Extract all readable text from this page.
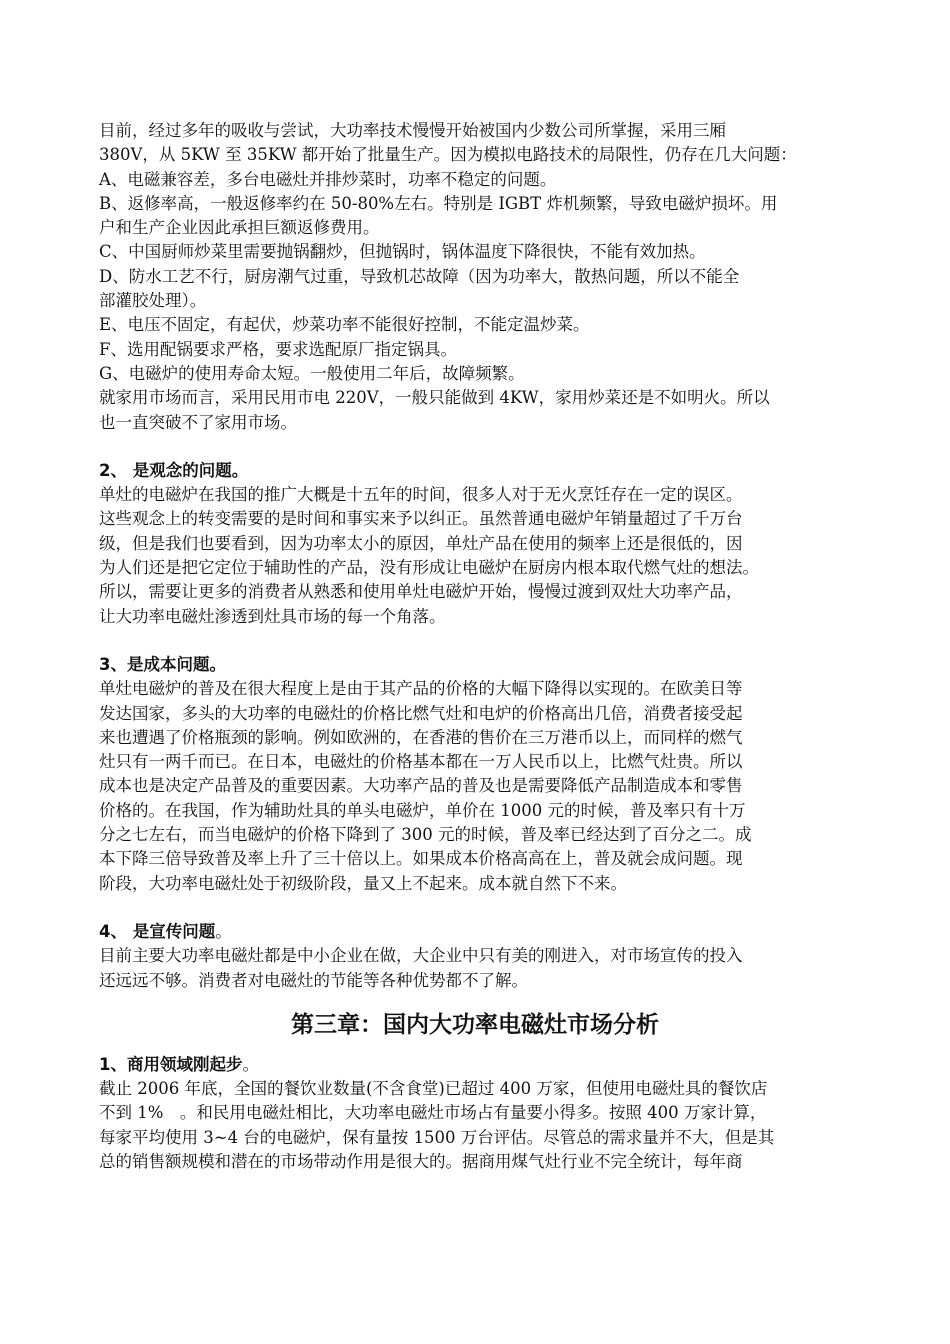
目前，经过多年的吸收与尝试，大功率技术慢慢开始被国内少数公司所掌握，采用三厢

380V，从 5KW 至 35KW 都开始了批量生产。因为模拟电路技术的局限性，仍存在几大问题：

A、电磁兼容差，多台电磁灶并排炒菜时，功率不稳定的问题。

B、返修率高，一般返修率约在 50-80%左右。特别是 IGBT 炸机频繁，导致电磁炉损坏。用

户和生产企业因此承担巨额返修费用。

C、中国厨师炒菜里需要抛锅翻炒，但抛锅时，锅体温度下降很快，不能有效加热。

D、防水工艺不行，厨房潮气过重，导致机芯故障（因为功率大，散热问题，所以不能全

部灌胶处理）。

E、电压不固定，有起伏，炒菜功率不能很好控制，不能定温炒菜。

F、选用配锅要求严格，要求选配原厂指定锅具。

G、电磁炉的使用寿命太短。一般使用二年后，故障频繁。

就家用市场而言，采用民用市电 220V，一般只能做到 4KW，家用炒菜还是不如明火。所以

也一直突破不了家用市场。

2、 是观念的问题。

单灶的电磁炉在我国的推广大概是十五年的时间，很多人对于无火烹饪存在一定的误区。

这些观念上的转变需要的是时间和事实来予以纠正。虽然普通电磁炉年销量超过了千万台

级，但是我们也要看到，因为功率太小的原因，单灶产品在使用的频率上还是很低的，因

为人们还是把它定位于辅助性的产品，没有形成让电磁炉在厨房内根本取代燃气灶的想法。

所以，需要让更多的消费者从熟悉和使用单灶电磁炉开始，慢慢过渡到双灶大功率产品，

让大功率电磁灶渗透到灶具市场的每一个角落。

3、是成本问题。

单灶电磁炉的普及在很大程度上是由于其产品的价格的大幅下降得以实现的。在欧美日等

发达国家，多头的大功率的电磁灶的价格比燃气灶和电炉的价格高出几倍，消费者接受起

来也遭遇了价格瓶颈的影响。例如欧洲的，在香港的售价在三万港币以上，而同样的燃气

灶只有一两千而已。在日本，电磁灶的价格基本都在一万人民币以上，比燃气灶贵。所以

成本也是决定产品普及的重要因素。大功率产品的普及也是需要降低产品制造成本和零售

价格的。在我国，作为辅助灶具的单头电磁炉，单价在 1000 元的时候，普及率只有十万

分之七左右，而当电磁炉的价格下降到了 300 元的时候，普及率已经达到了百分之二。成

本下降三倍导致普及率上升了三十倍以上。如果成本价格高高在上，普及就会成问题。现

阶段，大功率电磁灶处于初级阶段，量又上不起来。成本就自然下不来。

4、 是宣传问题。

目前主要大功率电磁灶都是中小企业在做，大企业中只有美的刚进入，对市场宣传的投入

还远远不够。消费者对电磁灶的节能等各种优势都不了解。

第三章：国内大功率电磁灶市场分析

1、商用领域刚起步。

截止 2006 年底，全国的餐饮业数量(不含食堂)已超过 400 万家，但使用电磁灶具的餐饮店

不到 1%　。和民用电磁灶相比，大功率电磁灶市场占有量要小得多。按照 400 万家计算，

每家平均使用 3~4 台的电磁炉，保有量按 1500 万台评估。尽管总的需求量并不大，但是其

总的销售额规模和潜在的市场带动作用是很大的。据商用煤气灶行业不完全统计，每年商
